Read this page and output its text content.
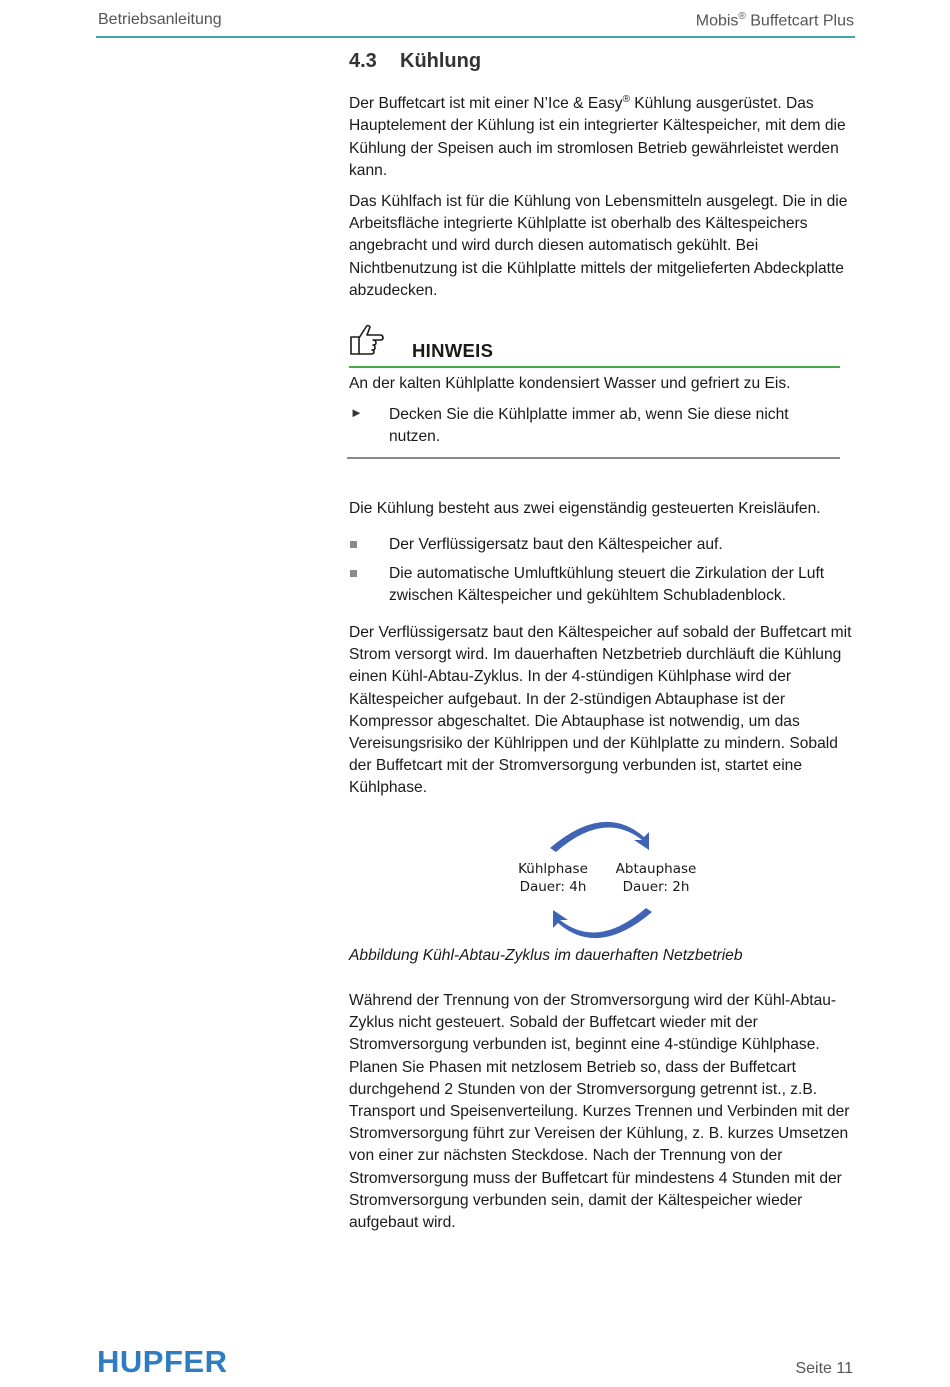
Betriebsanleitung	Mobis® Buffetcart Plus
4.3 Kühlung

Der Buffetcart ist mit einer N’Ice & Easy® Kühlung ausgerüstet. Das Hauptelement der Kühlung ist ein integrierter Kältespeicher, mit dem die Kühlung der Speisen auch im stromlosen Betrieb gewährleistet werden kann.

Das Kühlfach ist für die Kühlung von Lebensmitteln ausgelegt. Die in die Arbeitsfläche integrierte Kühlplatte ist oberhalb des Kältespeichers angebracht und wird durch diesen automatisch gekühlt. Bei Nichtbenutzung ist die Kühlplatte mittels der mitgelieferten Abdeckplatte abzudecken.

HINWEIS
An der kalten Kühlplatte kondensiert Wasser und gefriert zu Eis.
► Decken Sie die Kühlplatte immer ab, wenn Sie diese nicht nutzen.

Die Kühlung besteht aus zwei eigenständig gesteuerten Kreisläufen.

Der Verflüssigersatz baut den Kältespeicher auf.
Die automatische Umluftkühlung steuert die Zirkulation der Luft zwischen Kältespeicher und gekühltem Schubladenblock.

Der Verflüssigersatz baut den Kältespeicher auf sobald der Buffetcart mit Strom versorgt wird. Im dauerhaften Netzbetrieb durchläuft die Kühlung einen Kühl-Abtau-Zyklus. In der 4-stündigen Kühlphase wird der Kältespeicher aufgebaut. In der 2-stündigen Abtauphase ist der Kompressor abgeschaltet. Die Abtauphase ist notwendig, um das Vereisungsrisiko der Kühlrippen und der Kühlplatte zu mindern. Sobald der Buffetcart mit der Stromversorgung verbunden ist, startet eine Kühlphase.

Kühlphase
Dauer: 4h
Abtauphase
Dauer: 2h
Abbildung Kühl-Abtau-Zyklus im dauerhaften Netzbetrieb

Während der Trennung von der Stromversorgung wird der Kühl-Abtau-Zyklus nicht gesteuert. Sobald der Buffetcart wieder mit der Stromversorgung verbunden ist, beginnt eine 4-stündige Kühlphase. Planen Sie Phasen mit netzlosem Betrieb so, dass der Buffetcart durchgehend 2 Stunden von der Stromversorgung getrennt ist., z.B. Transport und Speisenverteilung. Kurzes Trennen und Verbinden mit der Stromversorgung führt zur Vereisen der Kühlung, z. B. kurzes Umsetzen von einer zur nächsten Steckdose. Nach der Trennung von der Stromversorgung muss der Buffetcart für mindestens 4 Stunden mit der Stromversorgung verbunden sein, damit der Kältespeicher wieder aufgebaut wird.

HUPFER	Seite 11
